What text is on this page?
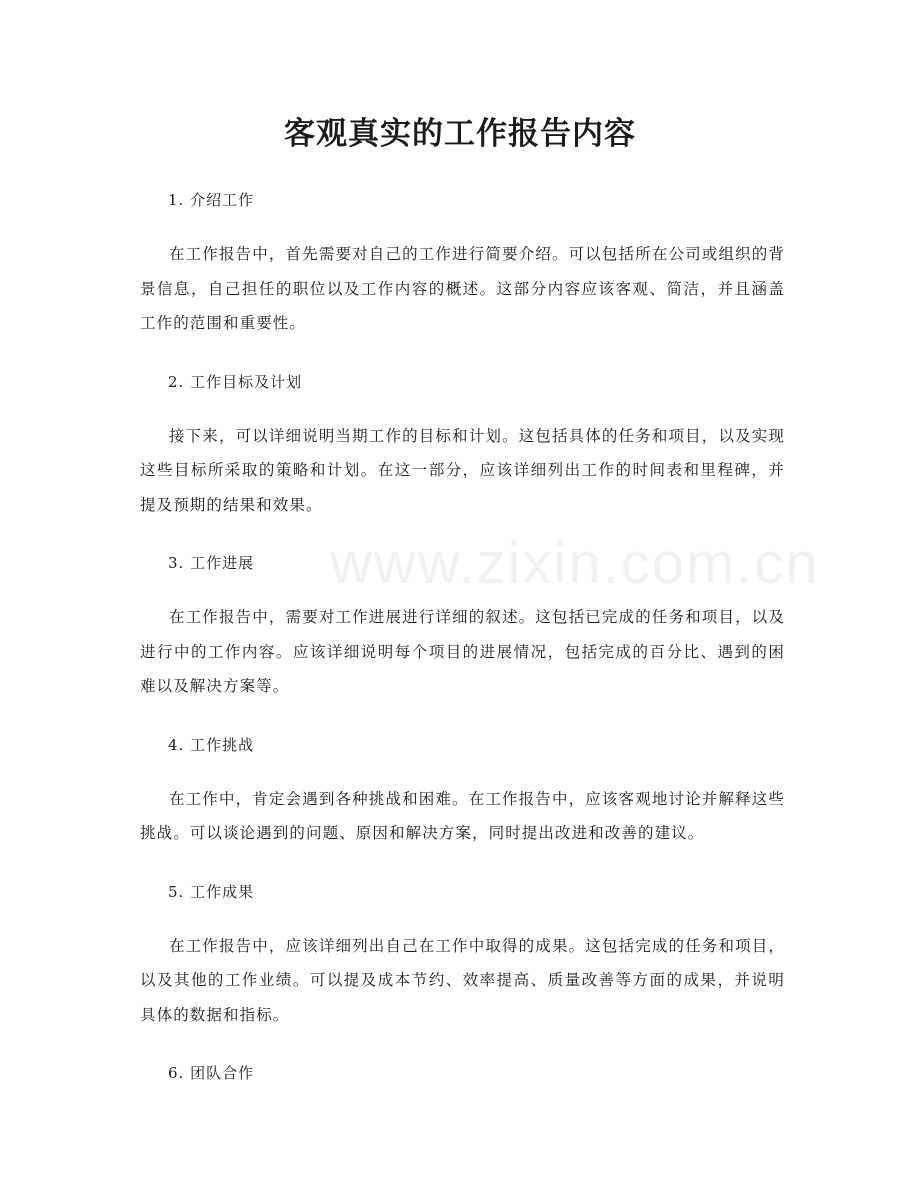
www.zixin.com.cn
客观真实的工作报告内容
1. 介绍工作

在工作报告中，首先需要对自己的工作进行简要介绍。可以包括所在公司或组织的背景信息，自己担任的职位以及工作内容的概述。这部分内容应该客观、简洁，并且涵盖工作的范围和重要性。

2. 工作目标及计划

接下来，可以详细说明当期工作的目标和计划。这包括具体的任务和项目，以及实现这些目标所采取的策略和计划。在这一部分，应该详细列出工作的时间表和里程碑，并提及预期的结果和效果。

3. 工作进展

在工作报告中，需要对工作进展进行详细的叙述。这包括已完成的任务和项目，以及进行中的工作内容。应该详细说明每个项目的进展情况，包括完成的百分比、遇到的困难以及解决方案等。

4. 工作挑战

在工作中，肯定会遇到各种挑战和困难。在工作报告中，应该客观地讨论并解释这些挑战。可以谈论遇到的问题、原因和解决方案，同时提出改进和改善的建议。

5. 工作成果

在工作报告中，应该详细列出自己在工作中取得的成果。这包括完成的任务和项目，以及其他的工作业绩。可以提及成本节约、效率提高、质量改善等方面的成果，并说明具体的数据和指标。

6. 团队合作
